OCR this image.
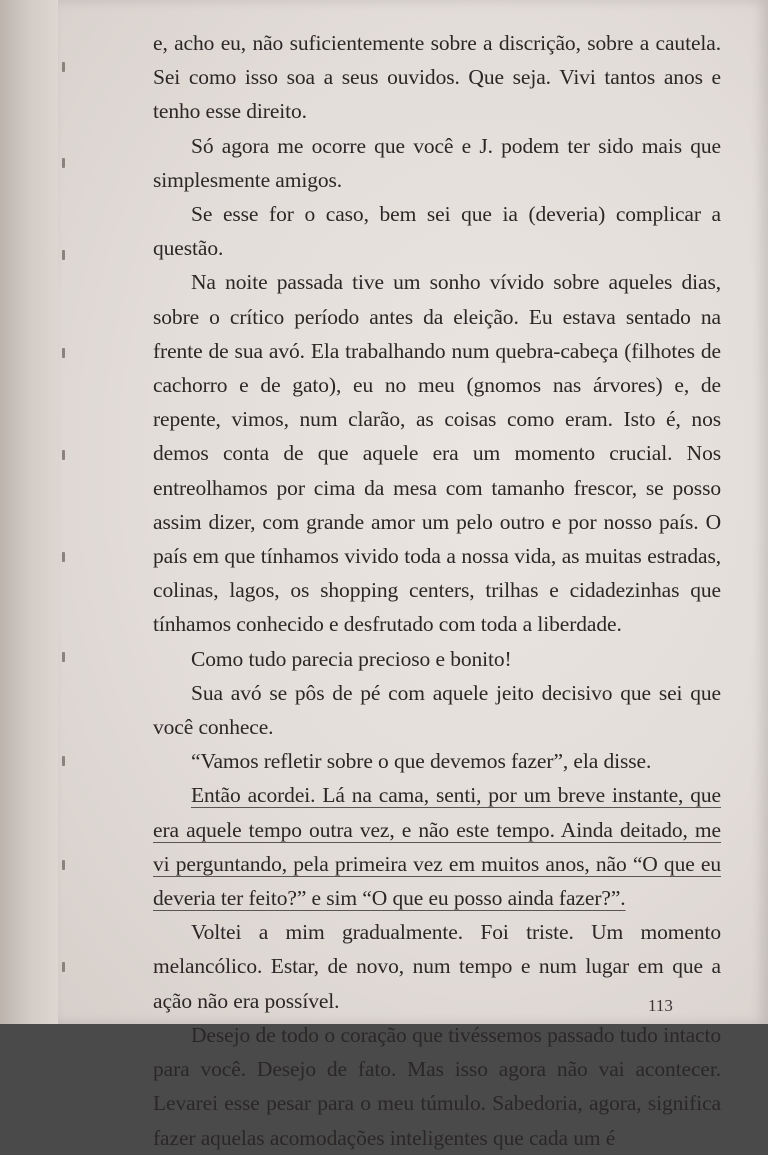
e, acho eu, não suficientemente sobre a discrição, sobre a cautela. Sei como isso soa a seus ouvidos. Que seja. Vivi tantos anos e tenho esse direito.

Só agora me ocorre que você e J. podem ter sido mais que simplesmente amigos.

Se esse for o caso, bem sei que ia (deveria) complicar a questão.

Na noite passada tive um sonho vívido sobre aqueles dias, sobre o crítico período antes da eleição. Eu estava sentado na frente de sua avó. Ela trabalhando num quebra-cabeça (filhotes de cachorro e de gato), eu no meu (gnomos nas árvores) e, de repente, vimos, num clarão, as coisas como eram. Isto é, nos demos conta de que aquele era um momento crucial. Nos entreolhamos por cima da mesa com tamanho frescor, se posso assim dizer, com grande amor um pelo outro e por nosso país. O país em que tínhamos vivido toda a nossa vida, as muitas estradas, colinas, lagos, os shopping centers, trilhas e cidadezinhas que tínhamos conhecido e desfrutado com toda a liberdade.

Como tudo parecia precioso e bonito!

Sua avó se pôs de pé com aquele jeito decisivo que sei que você conhece.

“Vamos refletir sobre o que devemos fazer”, ela disse.

Então acordei. Lá na cama, senti, por um breve instante, que era aquele tempo outra vez, e não este tempo. Ainda deitado, me vi perguntando, pela primeira vez em muitos anos, não “O que eu deveria ter feito?” e sim “O que eu posso ainda fazer?”.

Voltei a mim gradualmente. Foi triste. Um momento melancólico. Estar, de novo, num tempo e num lugar em que a ação não era possível.

Desejo de todo o coração que tivéssemos passado tudo intacto para você. Desejo de fato. Mas isso agora não vai acontecer. Levarei esse pesar para o meu túmulo. Sabedoria, agora, significa fazer aquelas acomodações inteligentes que cada um é

113
